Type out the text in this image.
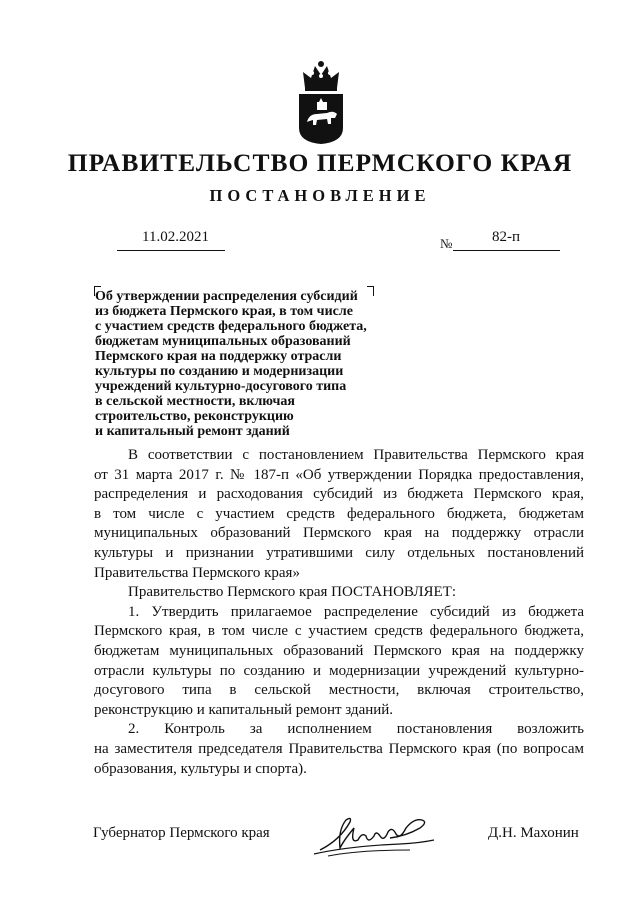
ПРАВИТЕЛЬСТВО ПЕРМСКОГО КРАЯ
ПОСТАНОВЛЕНИЕ
11.02.2021	№	82-п
Об утверждении распределения субсидий
из бюджета Пермского края, в том числе
с участием средств федерального бюджета,
бюджетам муниципальных образований
Пермского края на поддержку отрасли
культуры по созданию и модернизации
учреждений культурно-досугового типа
в сельской местности, включая
строительство, реконструкцию
и капитальный ремонт зданий
В соответствии с постановлением Правительства Пермского края
от 31 марта 2017 г. № 187-п «Об утверждении Порядка предоставления,
распределения и расходования субсидий из бюджета Пермского края,
в том числе с участием средств федерального бюджета, бюджетам
муниципальных образований Пермского края на поддержку отрасли
культуры и признании утратившими силу отдельных постановлений
Правительства Пермского края»
Правительство Пермского края ПОСТАНОВЛЯЕТ:
1. Утвердить прилагаемое распределение субсидий из бюджета
Пермского края, в том числе с участием средств федерального бюджета,
бюджетам муниципальных образований Пермского края на поддержку
отрасли культуры по созданию и модернизации учреждений культурно-
досугового типа в сельской местности, включая строительство,
реконструкцию и капитальный ремонт зданий.
2. Контроль за исполнением постановления возложить
на заместителя председателя Правительства Пермского края (по вопросам
образования, культуры и спорта).
Губернатор Пермского края	Д.Н. Махонин
